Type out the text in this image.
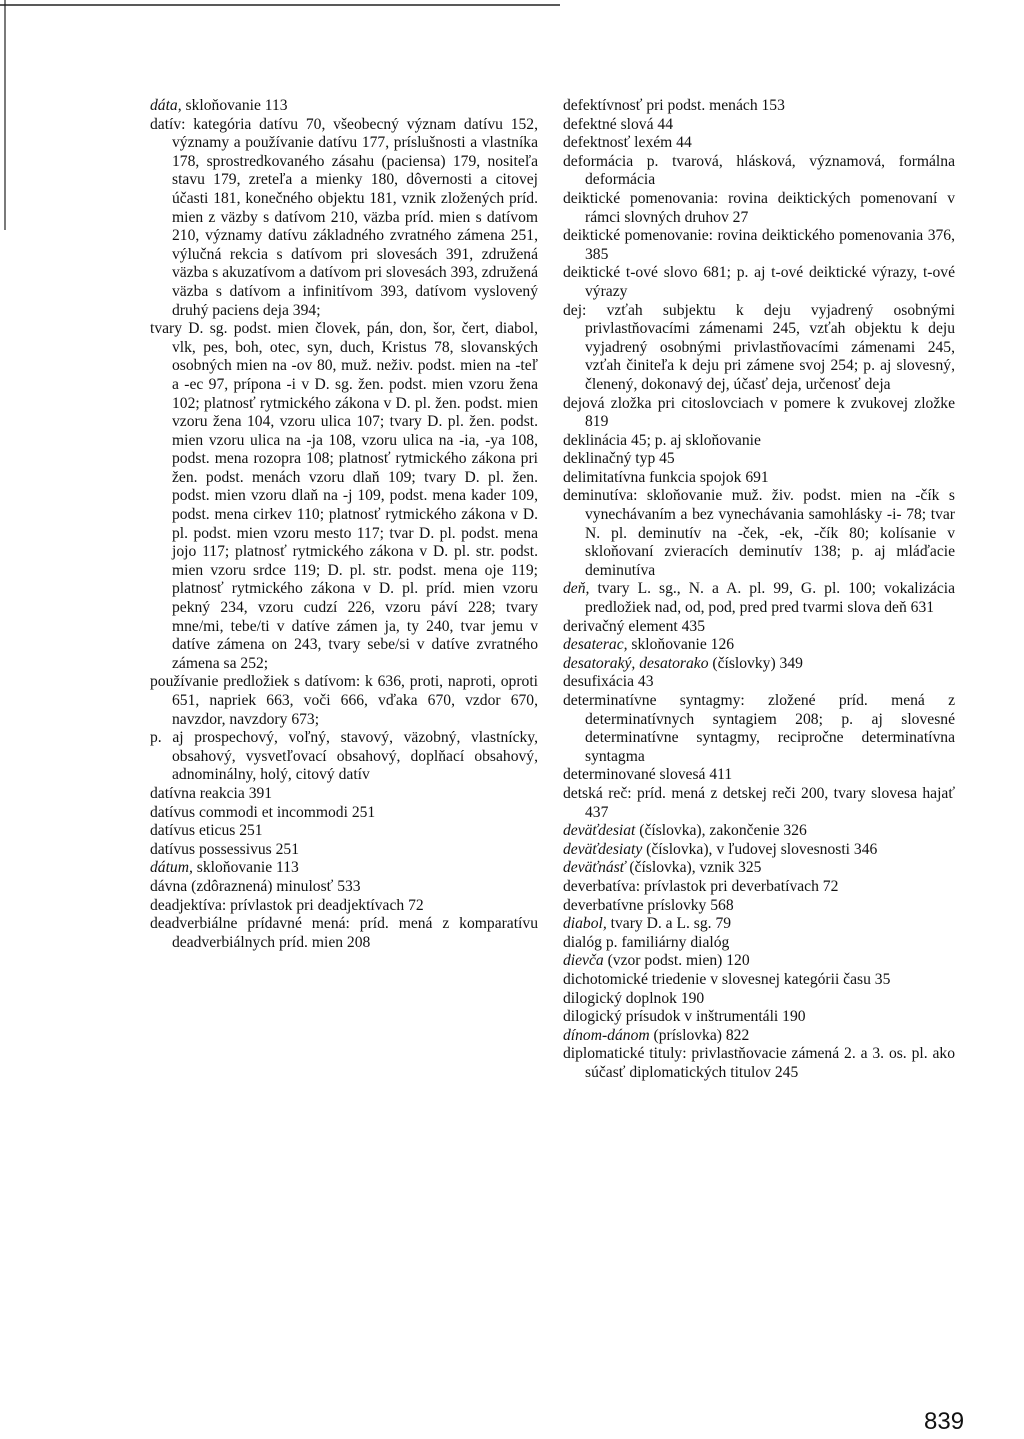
dáta, skloňovanie 113

datív: kategória datívu 70, všeobecný význam datívu 152, významy a používanie datívu 177, príslušnosti a vlastníka 178, sprostredkovaného zásahu (paciensa) 179, nositeľa stavu 179, zreteľa a mienky 180, dôvernosti a citovej účasti 181, konečného objektu 181, vznik zložených príd. mien z väzby s datívom 210, väzba príd. mien s datívom 210, významy datívu základného zvratného zámena 251, výlučná rekcia s datívom pri slovesách 391, združená väzba s akuzatívom a datívom pri slovesách 393, združená väzba s datívom a infinitívom 393, datívom vyslovený druhý paciens deja 394;

tvary D. sg. podst. mien človek, pán, don, šor, čert, diabol, vlk, pes, boh, otec, syn, duch, Kristus 78, slovanských osobných mien na -ov 80, muž. neživ. podst. mien na -teľ a -ec 97, prípona -i v D. sg. žen. podst. mien vzoru žena 102; platnosť rytmického zákona v D. pl. žen. podst. mien vzoru žena 104, vzoru ulica 107; tvary D. pl. žen. podst. mien vzoru ulica na -ja 108, vzoru ulica na -ia, -ya 108, podst. mena rozopra 108; platnosť rytmického zákona pri žen. podst. menách vzoru dlaň 109; tvary D. pl. žen. podst. mien vzoru dlaň na -j 109, podst. mena kader 109, podst. mena cirkev 110; platnosť rytmického zákona v D. pl. podst. mien vzoru mesto 117; tvar D. pl. podst. mena jojo 117; platnosť rytmického zákona v D. pl. str. podst. mien vzoru srdce 119; D. pl. str. podst. mena oje 119; platnosť rytmického zákona v D. pl. príd. mien vzoru pekný 234, vzoru cudzí 226, vzoru páví 228; tvary mne/mi, tebe/ti v datíve zámen ja, ty 240, tvar jemu v datíve zámena on 243, tvary sebe/si v datíve zvratného zámena sa 252;

používanie predložiek s datívom: k 636, proti, naproti, oproti 651, napriek 663, voči 666, vďaka 670, vzdor 670, navzdor, navzdory 673;

p. aj prospechový, voľný, stavový, väzobný, vlastnícky, obsahový, vysvetľovací obsahový, doplňací obsahový, adnominálny, holý, citový datív

datívna reakcia 391

datívus commodi et incommodi 251

datívus eticus 251

datívus possessivus 251

dátum, skloňovanie 113

dávna (zdôraznená) minulosť 533

deadjektíva: prívlastok pri deadjektívach 72

deadverbiálne prídavné mená: príd. mená z komparatívu deadverbiálnych príd. mien 208

defektívnosť pri podst. menách 153

defektné slová 44

defektnosť lexém 44

deformácia p. tvarová, hlásková, významová, formálna deformácia

deiktické pomenovania: rovina deiktických pomenovaní v rámci slovných druhov 27

deiktické pomenovanie: rovina deiktického pomenovania 376, 385

deiktické t-ové slovo 681; p. aj t-ové deiktické výrazy, t-ové výrazy

dej: vzťah subjektu k deju vyjadrený osobnými privlastňovacími zámenami 245, vzťah objektu k deju vyjadrený osobnými privlastňovacími zámenami 245, vzťah činiteľa k deju pri zámene svoj 254; p. aj slovesný, členený, dokonavý dej, účasť deja, určenosť deja

dejová zložka pri citoslovciach v pomere k zvukovej zložke 819

deklinácia 45; p. aj skloňovanie

deklinačný typ 45

delimitatívna funkcia spojok 691

deminutíva: skloňovanie muž. živ. podst. mien na -čík s vynechávaním a bez vynechávania samohlásky -i- 78; tvar N. pl. deminutív na -ček, -ek, -čík 80; kolísanie v skloňovaní zvieracích deminutív 138; p. aj mláďacie deminutíva

deň, tvary L. sg., N. a A. pl. 99, G. pl. 100; vokalizácia predložiek nad, od, pod, pred pred tvarmi slova deň 631

derivačný element 435

desaterac, skloňovanie 126

desatoraký, desatorako (číslovky) 349

desufixácia 43

determinatívne syntagmy: zložené príd. mená z determinatívnych syntagiem 208; p. aj slovesné determinatívne syntagmy, recipročne determinatívna syntagma

determinované slovesá 411

detská reč: príd. mená z detskej reči 200, tvary slovesa hajať 437

deväťdesiat (číslovka), zakončenie 326

deväťdesiaty (číslovka), v ľudovej slovesnosti 346

deväťnásť (číslovka), vznik 325

deverbatíva: prívlastok pri deverbatívach 72

deverbatívne príslovky 568

diabol, tvary D. a L. sg. 79

dialóg p. familiárny dialóg

dievča (vzor podst. mien) 120

dichotomické triedenie v slovesnej kategórii času 35

dilogický doplnok 190

dilogický prísudok v inštrumentáli 190

dínom-dánom (príslovka) 822

diplomatické tituly: privlastňovacie zámená 2. a 3. os. pl. ako súčasť diplomatických titulov 245

839
